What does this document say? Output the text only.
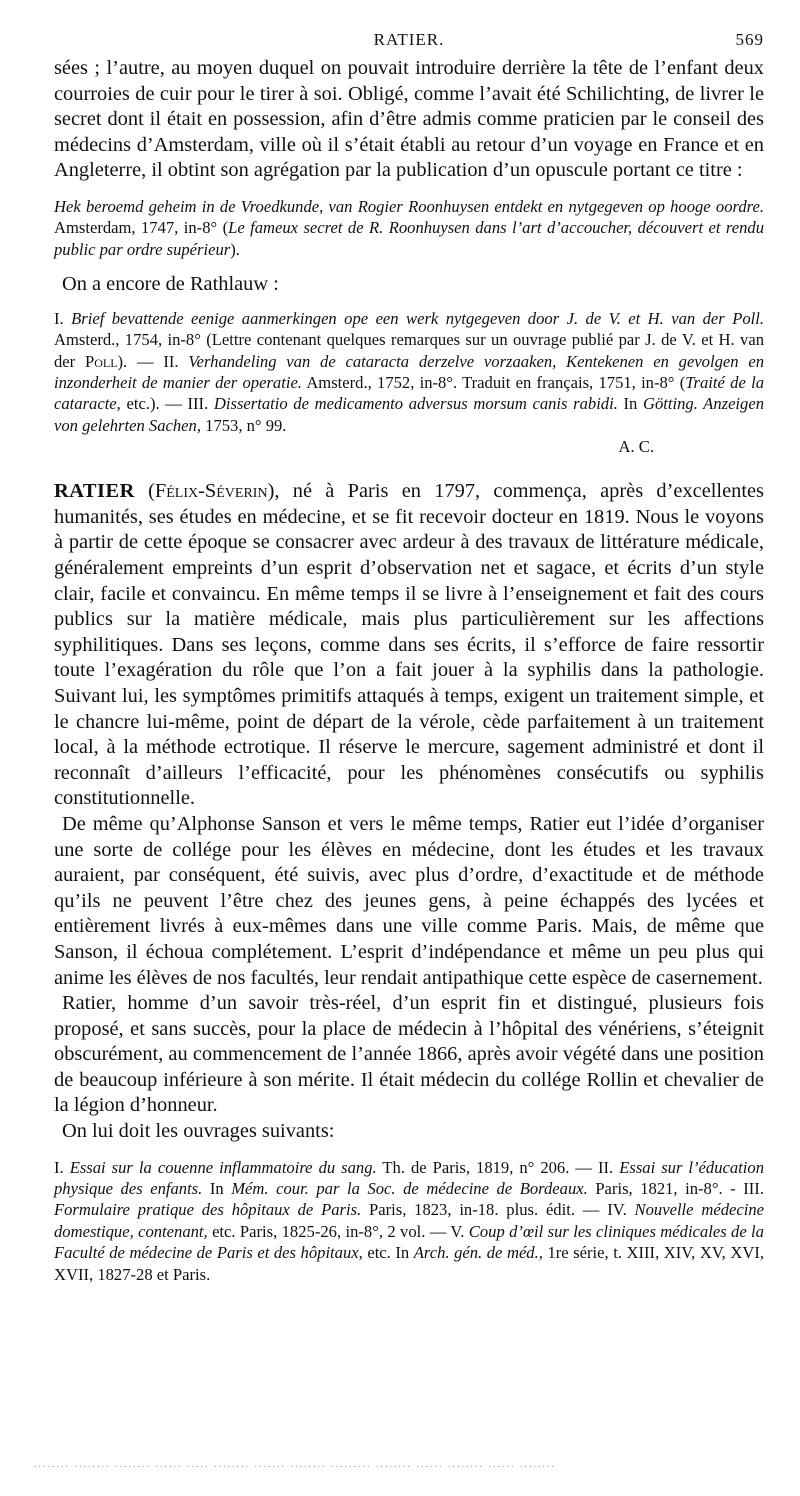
RATIER.	569

sées ; l’autre, au moyen duquel on pouvait introduire derrière la tête de l’enfant deux courroies de cuir pour le tirer à soi. Obligé, comme l’avait été Schilichting, de livrer le secret dont il était en possession, afin d’être admis comme praticien par le conseil des médecins d’Amsterdam, ville où il s’était établi au retour d’un voyage en France et en Angleterre, il obtint son agrégation par la publication d’un opuscule portant ce titre :

Hek beroemd geheim in de Vroedkunde, van Rogier Roonhuysen entdekt en nytgegeven op hooge oordre. Amsterdam, 1747, in-8° (Le fameux secret de R. Roonhuysen dans l’art d’accoucher, découvert et rendu public par ordre supérieur).

On a encore de Rathlauw :

I. Brief bevattende eenige aanmerkingen ope een werk nytgegeven door J. de V. et H. van der Poll. Amsterd., 1754, in-8° (Lettre contenant quelques remarques sur un ouvrage publié par J. de V. et H. van der Poll). — II. Verhandeling van de cataracta derzelve vorzaaken, Kentekenen en gevolgen en inzonderheit de manier der operatie. Amsterd., 1752, in-8°. Traduit en français, 1751, in-8° (Traité de la cataracte, etc.). — III. Dissertatio de medicamento adversus morsum canis rabidi. In Götting. Anzeigen von gelehrten Sachen, 1753, n° 99.

A. C.

RATIER (Félix-Séverin), né à Paris en 1797, commença, après d’excellentes humanités, ses études en médecine, et se fit recevoir docteur en 1819. Nous le voyons à partir de cette époque se consacrer avec ardeur à des travaux de littérature médicale, généralement empreints d’un esprit d’observation net et sagace, et écrits d’un style clair, facile et convaincu. En même temps il se livre à l’enseignement et fait des cours publics sur la matière médicale, mais plus particulièrement sur les affections syphilitiques. Dans ses leçons, comme dans ses écrits, il s’efforce de faire ressortir toute l’exagération du rôle que l’on a fait jouer à la syphilis dans la pathologie. Suivant lui, les symptômes primitifs attaqués à temps, exigent un traitement simple, et le chancre lui-même, point de départ de la vérole, cède parfaitement à un traitement local, à la méthode ectrotique. Il réserve le mercure, sagement administré et dont il reconnaît d’ailleurs l’efficacité, pour les phénomènes consécutifs ou syphilis constitutionnelle.

De même qu’Alphonse Sanson et vers le même temps, Ratier eut l’idée d’organiser une sorte de collége pour les élèves en médecine, dont les études et les travaux auraient, par conséquent, été suivis, avec plus d’ordre, d’exactitude et de méthode qu’ils ne peuvent l’être chez des jeunes gens, à peine échappés des lycées et entièrement livrés à eux-mêmes dans une ville comme Paris. Mais, de même que Sanson, il échoua complétement. L’esprit d’indépendance et même un peu plus qui anime les élèves de nos facultés, leur rendait antipathique cette espèce de casernement.

Ratier, homme d’un savoir très-réel, d’un esprit fin et distingué, plusieurs fois proposé, et sans succès, pour la place de médecin à l’hôpital des vénériens, s’éteignit obscurément, au commencement de l’année 1866, après avoir végété dans une position de beaucoup inférieure à son mérite. Il était médecin du collége Rollin et chevalier de la légion d’honneur.

On lui doit les ouvrages suivants:

I. Essai sur la couenne inflammatoire du sang. Th. de Paris, 1819, n° 206. — II. Essai sur l’éducation physique des enfants. In Mém. cour. par la Soc. de médecine de Bordeaux. Paris, 1821, in-8°. - III. Formulaire pratique des hôpitaux de Paris. Paris, 1823, in-18. plus. édit. — IV. Nouvelle médecine domestique, contenant, etc. Paris, 1825-26, in-8°, 2 vol. — V. Coup d’œil sur les cliniques médicales de la Faculté de médecine de Paris et des hôpitaux, etc. In Arch. gén. de méd., 1re série, t. XIII, XIV, XV, XVI, XVII, 1827-28 et Paris.

........ ........ ........ ...... ..... ........ ....... ........ ......... ........ ...... ........ ...... ........
